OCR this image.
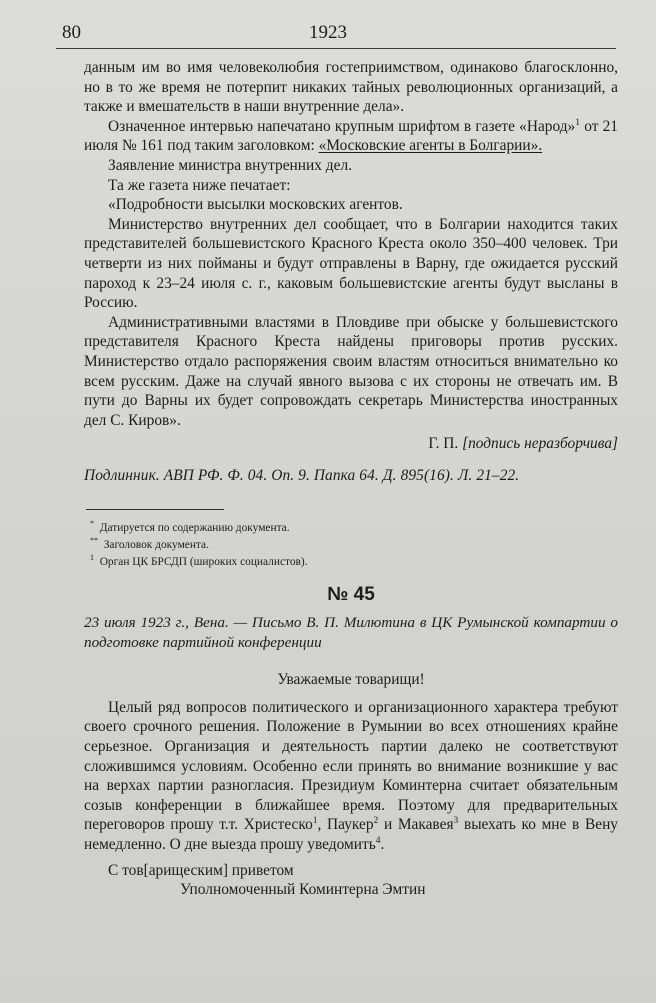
80	1923

данным им во имя человеколюбия гостеприимством, одинаково благосклонно, но в то же время не потерпит никаких тайных революционных организаций, а также и вмешательств в наши внутренние дела».

Означенное интервью напечатано крупным шрифтом в газете «Народ»$^1$ от 21 июля № 161 под таким заголовком: «Московские агенты в Болгарии».

Заявление министра внутренних дел.

Та же газета ниже печатает:

«Подробности высылки московских агентов.

Министерство внутренних дел сообщает, что в Болгарии находится таких представителей большевистского Красного Креста около 350–400 человек. Три четверти из них пойманы и будут отправлены в Варну, где ожидается русский пароход к 23–24 июля с. г., каковым большевистские агенты будут высланы в Россию.

Административными властями в Пловдиве при обыске у большевистского представителя Красного Креста найдены приговоры против русских. Министерство отдало распоряжения своим властям относиться внимательно ко всем русским. Даже на случай явного вызова с их стороны не отвечать им. В пути до Варны их будет сопровождать секретарь Министерства иностранных дел С. Киров».

Г. П. [подпись неразборчива]

Подлинник. АВП РФ. Ф. 04. Оп. 9. Папка 64. Д. 895(16). Л. 21–22.

* Датируется по содержанию документа.
** Заголовок документа.
$^1$ Орган ЦК БРСДП (широких социалистов).

№ 45

23 июля 1923 г., Вена. — Письмо В. П. Милютина в ЦК Румынской компартии о подготовке партийной конференции

Уважаемые товарищи!

Целый ряд вопросов политического и организационного характера требуют своего срочного решения. Положение в Румынии во всех отношениях крайне серьезное. Организация и деятельность партии далеко не соответствуют сложившимся условиям. Особенно если принять во внимание возникшие у вас на верхах партии разногласия. Президиум Коминтерна считает обязательным созыв конференции в ближайшее время. Поэтому для предварительных переговоров прошу т.т. Христеско$^1$, Паукер$^2$ и Макавея$^3$ выехать ко мне в Вену немедленно. О дне выезда прошу уведомить$^4$.

С тов[арищеским] приветом

Уполномоченный Коминтерна Эмтин
